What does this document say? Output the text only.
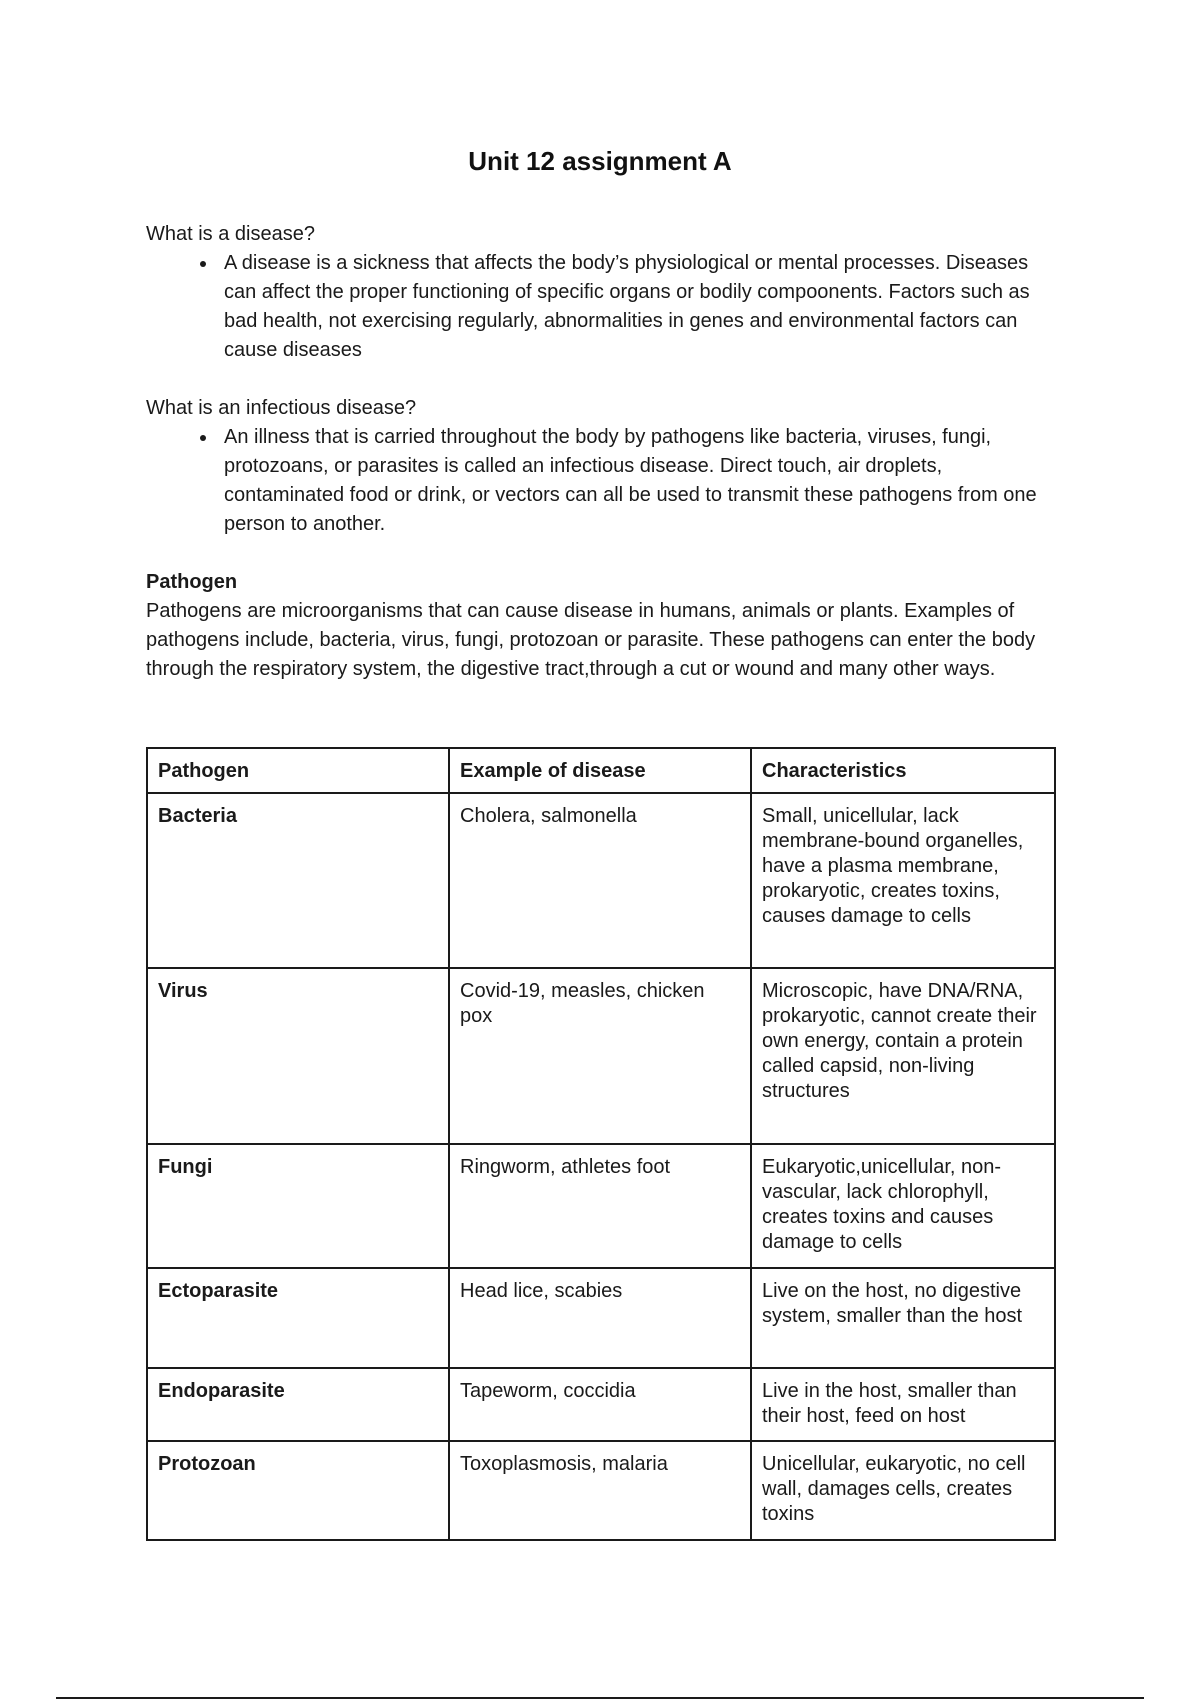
Unit 12 assignment A

What is a disease?

• A disease is a sickness that affects the body’s physiological or mental processes. Diseases can affect the proper functioning of specific organs or bodily compoonents. Factors such as bad health, not exercising regularly, abnormalities in genes and environmental factors can cause diseases

What is an infectious disease?

• An illness that is carried throughout the body by pathogens like bacteria, viruses, fungi, protozoans, or parasites is called an infectious disease. Direct touch, air droplets, contaminated food or drink, or vectors can all be used to transmit these pathogens from one person to another.

Pathogen

Pathogens are microorganisms that can cause disease in humans, animals or plants. Examples of pathogens include, bacteria, virus, fungi, protozoan or parasite. These pathogens can enter the body through the respiratory system, the digestive tract,through a cut or wound and many other ways.

Pathogen	Example of disease	Characteristics
Bacteria	Cholera, salmonella	Small, unicellular, lack membrane-bound organelles, have a plasma membrane, prokaryotic, creates toxins, causes damage to cells
Virus	Covid-19, measles, chicken pox	Microscopic, have DNA/RNA, prokaryotic, cannot create their own energy, contain a protein called capsid, non-living structures
Fungi	Ringworm, athletes foot	Eukaryotic,unicellular, non-vascular, lack chlorophyll, creates toxins and causes damage to cells
Ectoparasite	Head lice, scabies	Live on the host, no digestive system, smaller than the host
Endoparasite	Tapeworm, coccidia	Live in the host, smaller than their host, feed on host
Protozoan	Toxoplasmosis, malaria	Unicellular, eukaryotic, no cell wall, damages cells, creates toxins
